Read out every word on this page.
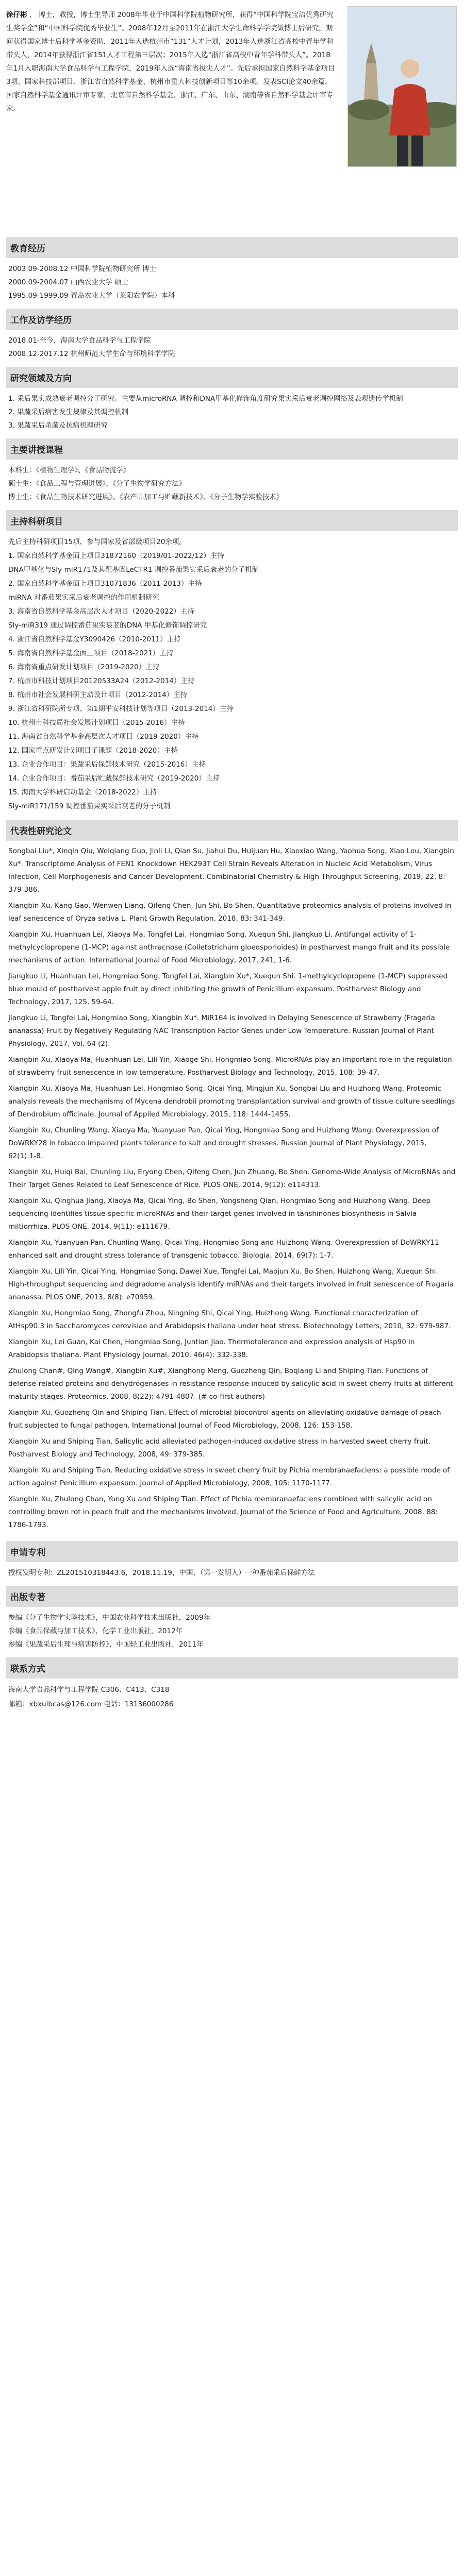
徐仔彬 ， 博士，教授，博士生导师 2008年毕业于中国科学院植物研究所，获得“中国科学院宝洁优秀研究生奖学金”和“中国科学院优秀毕业生”。2008年12月至2011年在浙江大学生命科学学院做博士后研究，期间获得国家博士后科学基金资助，2011年入选杭州市“131”人才计划，2013年入选浙江省高校中青年学科带头人，2014年获得浙江省151人才工程第三层次；2015年入选“浙江省高校中青年学科带头人”。2018年1月入职海南大学食品科学与工程学院，2019年入选“海南省拔尖人才”。先后承担国家自然科学基金项目3项、国家科技部项目、浙江省自然科学基金、杭州市重大科技创新项目等10余项。发表SCI论文40余篇。国家自然科学基金通讯评审专家，北京市自然科学基金、浙江、广东、山东、湖南等省自然科学基金评审专家。
教育经历
2003.09-2008.12 中国科学院植物研究所 博士
2000.09-2004.07 山西农业大学 硕士
1995.09-1999.09 青岛农业大学（莱阳农学院）本科
工作及访学经历
2018.01-至今，海南大学食品科学与工程学院
2008.12-2017.12 杭州师范大学生命与环境科学学院
研究领域及方向
1. 采后果实成熟衰老调控分子研究。主要从microRNA 调控和DNA甲基化修饰角度研究果实采后衰老调控网络及表观遗传学机制
2. 果蔬采后病害发生规律及其调控机制
3. 果蔬采后杀菌及抗病机理研究
主要讲授课程
本科生：《植物生理学》、《食品物流学》
硕士生：《食品工程与管理进展》、《分子生物学研究方法》
博士生：《食品生物技术研究进展》、《农产品加工与贮藏新技术》、《分子生物学实验技术》
主持科研项目
先后主持科研项目15项，参与国家及省部级项目20余项。
1. 国家自然科学基金面上项目31872160（2019/01-2022/12）主持
DNA甲基化与Sly-miR171及其靶基因LeCTR1 调控番茄果实采后衰老的分子机制
2. 国家自然科学基金面上项目31071836（2011-2013）主持
miRNA 对番茄果实采后衰老调控的作用机制研究
3. 海南省自然科学基金高层次人才项目（2020-2022）主持
Sly-miR319 通过调控番茄果实衰老的DNA 甲基化修饰调控研究
4. 浙江省自然科学基金Y3090426（2010-2011）主持
5. 海南省自然科学基金面上项目（2018-2021）主持
6. 海南省重点研发计划项目（2019-2020）主持
7. 杭州市科技计划项目20120533A24（2012-2014）主持
8. 杭州市社会发展科研主动设计项目（2012-2014）主持
9. 浙江省科研院所专项、第1期平安科技计划等项目（2013-2014）主持
10. 杭州市科技局社会发展计划项目（2015-2016）主持
11. 海南省自然科学基金高层次人才项目（2019-2020）主持
12. 国家重点研发计划项目子课题（2018-2020）主持
13. 企业合作项目：果蔬采后保鲜技术研究（2015-2016）主持
14. 企业合作项目：番茄采后贮藏保鲜技术研究（2019-2020）主持
15. 海南大学科研启动基金（2018-2022）主持
Sly-miR171/159 调控番茄果实采后衰老的分子机制
代表性研究论文
Songbai Liu*, Xinqin Qiu, Weiqiang Guo, Jinli Li, Qian Su, Jiahui Du, Huijuan Hu, Xiaoxiao Wang, Yaohua Song, Xiao Lou, Xiangbin Xu*. Transcriptome Analysis of FEN1 Knockdown HEK293T Cell Strain Reveals Alteration in Nucleic Acid Metabolism, Virus Infection, Cell Morphogenesis and Cancer Development. Combinatorial Chemistry & High Throughput Screening, 2019, 22, 8: 379-386.
Xiangbin Xu, Kang Gao, Wenwen Liang, Qifeng Chen, Jun Shi, Bo Shen. Quantitative proteomics analysis of proteins involved in leaf senescence of Oryza sativa L. Plant Growth Regulation, 2018, 83: 341-349.
Xiangbin Xu, Huanhuan Lei, Xiaoya Ma, Tongfei Lai, Hongmiao Song, Xuequn Shi, Jiangkuo Li. Antifungal activity of 1-methylcyclopropene (1-MCP) against anthracnose (Colletotrichum gloeosporioides) in postharvest mango fruit and its possible mechanisms of action. International Journal of Food Microbiology, 2017, 241, 1-6.
Jiangkuo Li, Huanhuan Lei, Hongmiao Song, Tongfei Lai, Xiangbin Xu*, Xuequn Shi. 1-methylcyclopropene (1-MCP) suppressed blue mould of postharvest apple fruit by direct inhibiting the growth of Penicillium expansum. Postharvest Biology and Technology, 2017, 125, 59-64.
Jiangkuo Li, Tongfei Lai, Hongmiao Song, Xiangbin Xu*. MiR164 is involved in Delaying Senescence of Strawberry (Fragaria ananassa) Fruit by Negatively Regulating NAC Transcription Factor Genes under Low Temperature. Russian Journal of Plant Physiology, 2017, Vol. 64 (2).
Xiangbin Xu, Xiaoya Ma, Huanhuan Lei, Lili Yin, Xiaoge Shi, Hongmiao Song. MicroRNAs play an important role in the regulation of strawberry fruit senescence in low temperature. Postharvest Biology and Technology, 2015, 108: 39-47.
Xiangbin Xu, Xiaoya Ma, Huanhuan Lei, Hongmiao Song, Qicai Ying, Mingjun Xu, Songbai Liu and Huizhong Wang. Proteomic analysis reveals the mechanisms of Mycena dendrobii promoting transplantation survival and growth of tissue culture seedlings of Dendrobium officinale. Journal of Applied Microbiology, 2015, 118: 1444-1455.
Xiangbin Xu, Chunling Wang, Xiaoya Ma, Yuanyuan Pan, Qicai Ying, Hongmiao Song and Huizhong Wang. Overexpression of DoWRKY28 in tobacco impaired plants tolerance to salt and drought stresses. Russian Journal of Plant Physiology, 2015, 62(1):1-8.
Xiangbin Xu, Huiqi Bai, Chunling Liu, Eryong Chen, Qifeng Chen, Jun Zhuang, Bo Shen. Genome-Wide Analysis of MicroRNAs and Their Target Genes Related to Leaf Senescence of Rice. PLOS ONE, 2014, 9(12): e114313.
Xiangbin Xu, Qinghua Jiang, Xiaoya Ma, Qicai Ying, Bo Shen, Yongsheng Qian, Hongmiao Song and Huizhong Wang. Deep sequencing identifies tissue-specific microRNAs and their target genes involved in tanshinones biosynthesis in Salvia miltiorrhiza. PLOS ONE, 2014, 9(11): e111679.
Xiangbin Xu, Yuanyuan Pan, Chunling Wang, Qicai Ying, Hongmiao Song and Huizhong Wang. Overexpression of DoWRKY11 enhanced salt and drought stress tolerance of transgenic tobacco. Biologia, 2014, 69(7): 1-7.
Xiangbin Xu, Lili Yin, Qicai Ying, Hongmiao Song, Dawei Xue, Tongfei Lai, Maojun Xu, Bo Shen, Huizhong Wang, Xuequn Shi. High-throughput sequencing and degradome analysis identify miRNAs and their targets involved in fruit senescence of Fragaria ananassa. PLOS ONE, 2013, 8(8): e70959.
Xiangbin Xu, Hongmiao Song, Zhongfu Zhou, Ningning Shi, Qicai Ying, Huizhong Wang. Functional characterization of AtHsp90.3 in Saccharomyces cerevisiae and Arabidopsis thaliana under heat stress. Biotechnology Letters, 2010, 32: 979-987.
Xiangbin Xu, Lei Guan, Kai Chen, Hongmiao Song, Juntian Jiao. Thermotolerance and expression analysis of Hsp90 in Arabidopsis thaliana. Plant Physiology Journal, 2010, 46(4): 332-338.
Zhulong Chan#, Qing Wang#, Xiangbin Xu#, Xianghong Meng, Guozheng Qin, Boqiang Li and Shiping Tian. Functions of defense-related proteins and dehydrogenases in resistance response induced by salicylic acid in sweet cherry fruits at different maturity stages. Proteomics, 2008, 8(22): 4791-4807. (# co-first authors)
Xiangbin Xu, Guozheng Qin and Shiping Tian. Effect of microbial biocontrol agents on alleviating oxidative damage of peach fruit subjected to fungal pathogen. International Journal of Food Microbiology, 2008, 126: 153-158.
Xiangbin Xu and Shiping Tian. Salicylic acid alleviated pathogen-induced oxidative stress in harvested sweet cherry fruit. Postharvest Biology and Technology, 2008, 49: 379-385.
Xiangbin Xu and Shiping Tian. Reducing oxidative stress in sweet cherry fruit by Pichia membranaefaciens: a possible mode of action against Penicillium expansum. Journal of Applied Microbiology, 2008, 105: 1170-1177.
Xiangbin Xu, Zhulong Chan, Yong Xu and Shiping Tian. Effect of Pichia membranaefaciens combined with salicylic acid on controlling brown rot in peach fruit and the mechanisms involved. Journal of the Science of Food and Agriculture, 2008, 88: 1786-1793.
申请专利
授权发明专利：ZL201510318443.6，2018.11.19，中国，（第一发明人）一种番茄采后保鲜方法
出版专著
参编《分子生物学实验技术》，中国农业科学技术出版社，2009年
参编《食品保藏与加工技术》，化学工业出版社，2012年
参编《果蔬采后生理与病害防控》，中国轻工业出版社，2011年
联系方式
海南大学食品科学与工程学院 C306、C413、C318
邮箱：xbxuibcas@126.com 电话：13136000286
